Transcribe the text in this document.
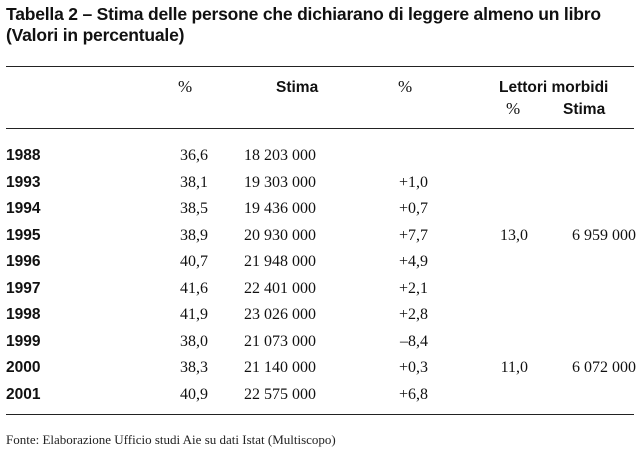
Tabella 2 – Stima delle persone che dichiarano di leggere almeno un libro
(Valori in percentuale)
%	Stima	%	Lettori morbidi
%	Stima
1988	36,6 18 203 000
1993	38,1 19 303 000	+1,0
1994	38,5 19 436 000	+0,7
1995	38,9 20 930 000	+7,7	13,0	6 959 000
1996	40,7 21 948 000	+4,9
1997	41,6 22 401 000	+2,1
1998	41,9 23 026 000	+2,8
1999	38,0 21 073 000	–8,4
2000	38,3 21 140 000	+0,3	11,0	6 072 000
2001	40,9 22 575 000	+6,8
Fonte: Elaborazione Ufficio studi Aie su dati Istat (Multiscopo)
